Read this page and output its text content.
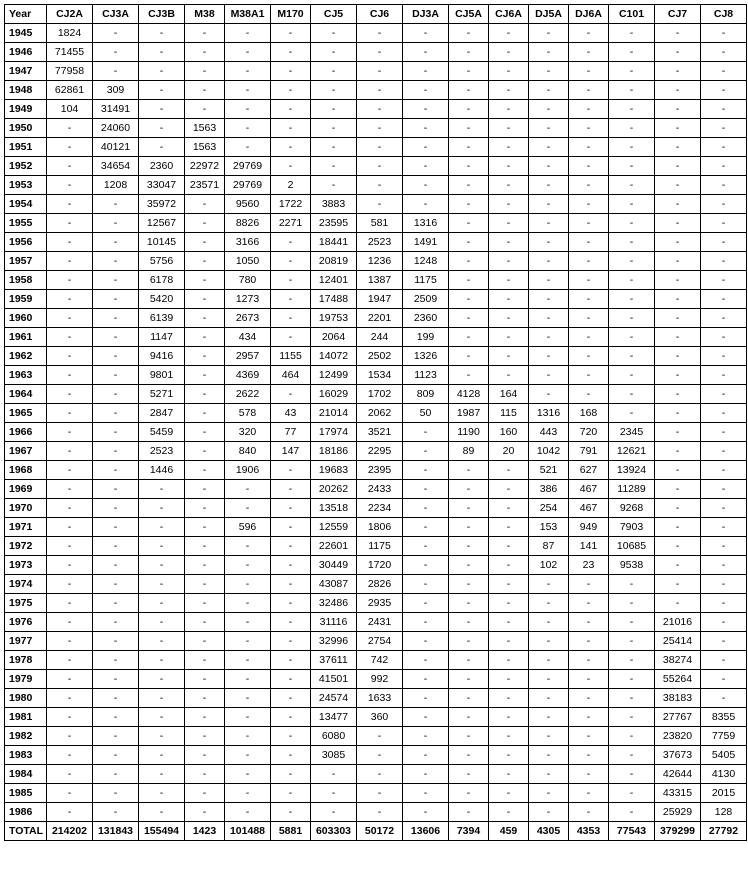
Year	CJ2A	CJ3A	CJ3B	M38	M38A1	M170	CJ5	CJ6	DJ3A	CJ5A	CJ6A	DJ5A	DJ6A	C101	CJ7	CJ8
1945	1824	-	-	-	-	-	-	-	-	-	-	-	-	-	-	-
1946	71455	-	-	-	-	-	-	-	-	-	-	-	-	-	-	-
1947	77958	-	-	-	-	-	-	-	-	-	-	-	-	-	-	-
1948	62861	309	-	-	-	-	-	-	-	-	-	-	-	-	-	-
1949	104	31491	-	-	-	-	-	-	-	-	-	-	-	-	-	-
1950	-	24060	-	1563	-	-	-	-	-	-	-	-	-	-	-	-
1951	-	40121	-	1563	-	-	-	-	-	-	-	-	-	-	-	-
1952	-	34654	2360	22972	29769	-	-	-	-	-	-	-	-	-	-	-
1953	-	1208	33047	23571	29769	2	-	-	-	-	-	-	-	-	-	-
1954	-	-	35972	-	9560	1722	3883	-	-	-	-	-	-	-	-	-
1955	-	-	12567	-	8826	2271	23595	581	1316	-	-	-	-	-	-	-
1956	-	-	10145	-	3166	-	18441	2523	1491	-	-	-	-	-	-	-
1957	-	-	5756	-	1050	-	20819	1236	1248	-	-	-	-	-	-	-
1958	-	-	6178	-	780	-	12401	1387	1175	-	-	-	-	-	-	-
1959	-	-	5420	-	1273	-	17488	1947	2509	-	-	-	-	-	-	-
1960	-	-	6139	-	2673	-	19753	2201	2360	-	-	-	-	-	-	-
1961	-	-	1147	-	434	-	2064	244	199	-	-	-	-	-	-	-
1962	-	-	9416	-	2957	1155	14072	2502	1326	-	-	-	-	-	-	-
1963	-	-	9801	-	4369	464	12499	1534	1123	-	-	-	-	-	-	-
1964	-	-	5271	-	2622	-	16029	1702	809	4128	164	-	-	-	-	-
1965	-	-	2847	-	578	43	21014	2062	50	1987	115	1316	168	-	-	-
1966	-	-	5459	-	320	77	17974	3521	-	1190	160	443	720	2345	-	-
1967	-	-	2523	-	840	147	18186	2295	-	89	20	1042	791	12621	-	-
1968	-	-	1446	-	1906	-	19683	2395	-	-	-	521	627	13924	-	-
1969	-	-	-	-	-	-	20262	2433	-	-	-	386	467	11289	-	-
1970	-	-	-	-	-	-	13518	2234	-	-	-	254	467	9268	-	-
1971	-	-	-	-	596	-	12559	1806	-	-	-	153	949	7903	-	-
1972	-	-	-	-	-	-	22601	1175	-	-	-	87	141	10685	-	-
1973	-	-	-	-	-	-	30449	1720	-	-	-	102	23	9538	-	-
1974	-	-	-	-	-	-	43087	2826	-	-	-	-	-	-	-	-
1975	-	-	-	-	-	-	32486	2935	-	-	-	-	-	-	-	-
1976	-	-	-	-	-	-	31116	2431	-	-	-	-	-	-	21016	-
1977	-	-	-	-	-	-	32996	2754	-	-	-	-	-	-	25414	-
1978	-	-	-	-	-	-	37611	742	-	-	-	-	-	-	38274	-
1979	-	-	-	-	-	-	41501	992	-	-	-	-	-	-	55264	-
1980	-	-	-	-	-	-	24574	1633	-	-	-	-	-	-	38183	-
1981	-	-	-	-	-	-	13477	360	-	-	-	-	-	-	27767	8355
1982	-	-	-	-	-	-	6080	-	-	-	-	-	-	-	23820	7759
1983	-	-	-	-	-	-	3085	-	-	-	-	-	-	-	37673	5405
1984	-	-	-	-	-	-	-	-	-	-	-	-	-	-	42644	4130
1985	-	-	-	-	-	-	-	-	-	-	-	-	-	-	43315	2015
1986	-	-	-	-	-	-	-	-	-	-	-	-	-	-	25929	128
TOTAL	214202	131843	155494	1423	101488	5881	603303	50172	13606	7394	459	4305	4353	77543	379299	27792
